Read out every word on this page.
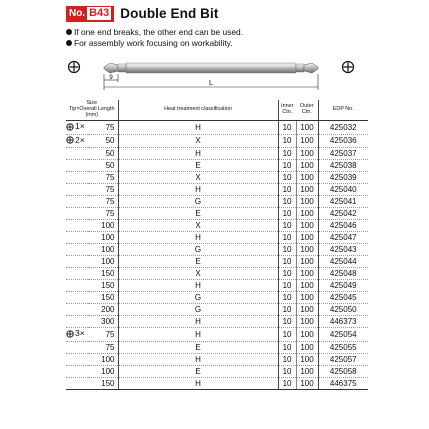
No. B43 Double End Bit
If one end breaks, the other end can be used.
For assembly work focusing on workability.
9
L
Size
Tip×Overall Length (mm)		Heat treatment classification	Inner Ctn.	Outer Ctn.	EDP No.

1×	75	H	10	100	425032

2×	50	X	10	100	425036
	50	H	10	100	425037
	50	E	10	100	425038
	75	X	10	100	425039
	75	H	10	100	425040
	75	G	10	100	425041
	75	E	10	100	425042
	100	X	10	100	425046
	100	H	10	100	425047
	100	G	10	100	425043
	100	E	10	100	425044
	150	X	10	100	425048
	150	H	10	100	425049
	150	G	10	100	425045
	200	G	10	100	425050
	300	H	10	100	446373

3×	75	H	10	100	425054
	75	E	10	100	425055
	100	H	10	100	425057
	100	E	10	100	425058
	150	H	10	100	446375
